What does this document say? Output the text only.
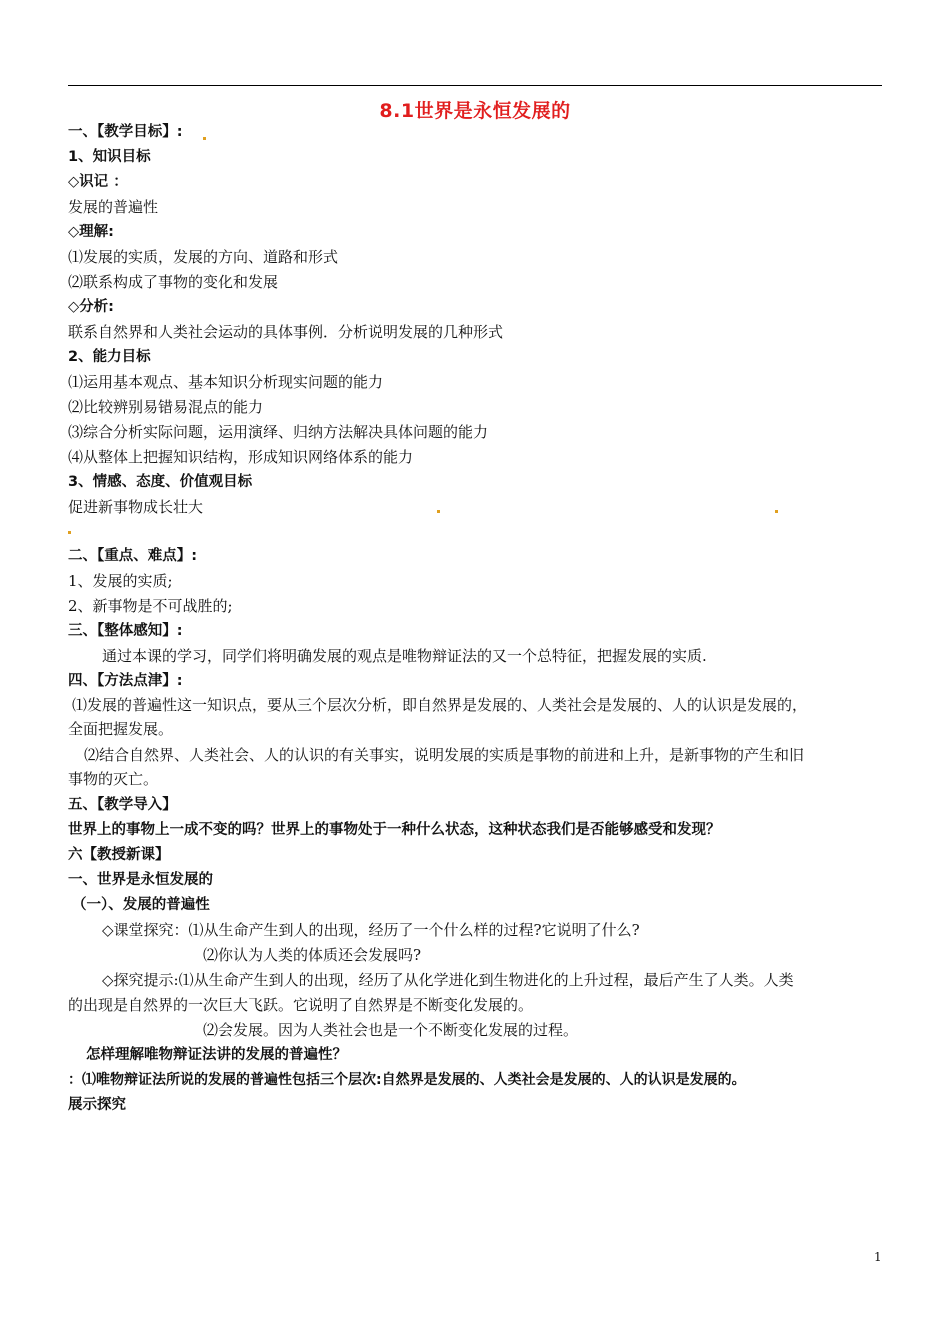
8.1世界是永恒发展的
一、【教学目标】:
1、知识目标
◇识记 ：
发展的普遍性
◇理解:
⑴发展的实质，发展的方向、道路和形式
⑵联系构成了事物的变化和发展
◇分析:
联系自然界和人类社会运动的具体事例．分析说明发展的几种形式
2、能力目标
⑴运用基本观点、基本知识分析现实问题的能力
⑵比较辨别易错易混点的能力
⑶综合分析实际问题，运用演绎、归纳方法解决具体问题的能力
⑷从整体上把握知识结构，形成知识网络体系的能力
3、情感、态度、价值观目标
促进新事物成长壮大
二、【重点、难点】:
1、发展的实质;
2、新事物是不可战胜的;
三、【整体感知】:
通过本课的学习，同学们将明确发展的观点是唯物辩证法的又一个总特征，把握发展的实质.
四、【方法点津】:
⑴发展的普遍性这一知识点，要从三个层次分析，即自然界是发展的、人类社会是发展的、人的认识是发展的，
全面把握发展。
⑵结合自然界、人类社会、人的认识的有关事实，说明发展的实质是事物的前进和上升，是新事物的产生和旧
事物的灭亡。
五、【教学导入】
世界上的事物上一成不变的吗？世界上的事物处于一种什么状态，这种状态我们是否能够感受和发现？
六【教授新课】
一、世界是永恒发展的
（一）、发展的普遍性
◇课堂探究：⑴从生命产生到人的出现，经历了一个什么样的过程?它说明了什么?
⑵你认为人类的体质还会发展吗?
◇探究提示:⑴从生命产生到人的出现，经历了从化学进化到生物进化的上升过程，最后产生了人类。人类
的出现是自然界的一次巨大飞跃。它说明了自然界是不断变化发展的。
⑵会发展。因为人类社会也是一个不断变化发展的过程。
怎样理解唯物辩证法讲的发展的普遍性？
：⑴唯物辩证法所说的发展的普遍性包括三个层次:自然界是发展的、人类社会是发展的、人的认识是发展的。
展示探究
1
